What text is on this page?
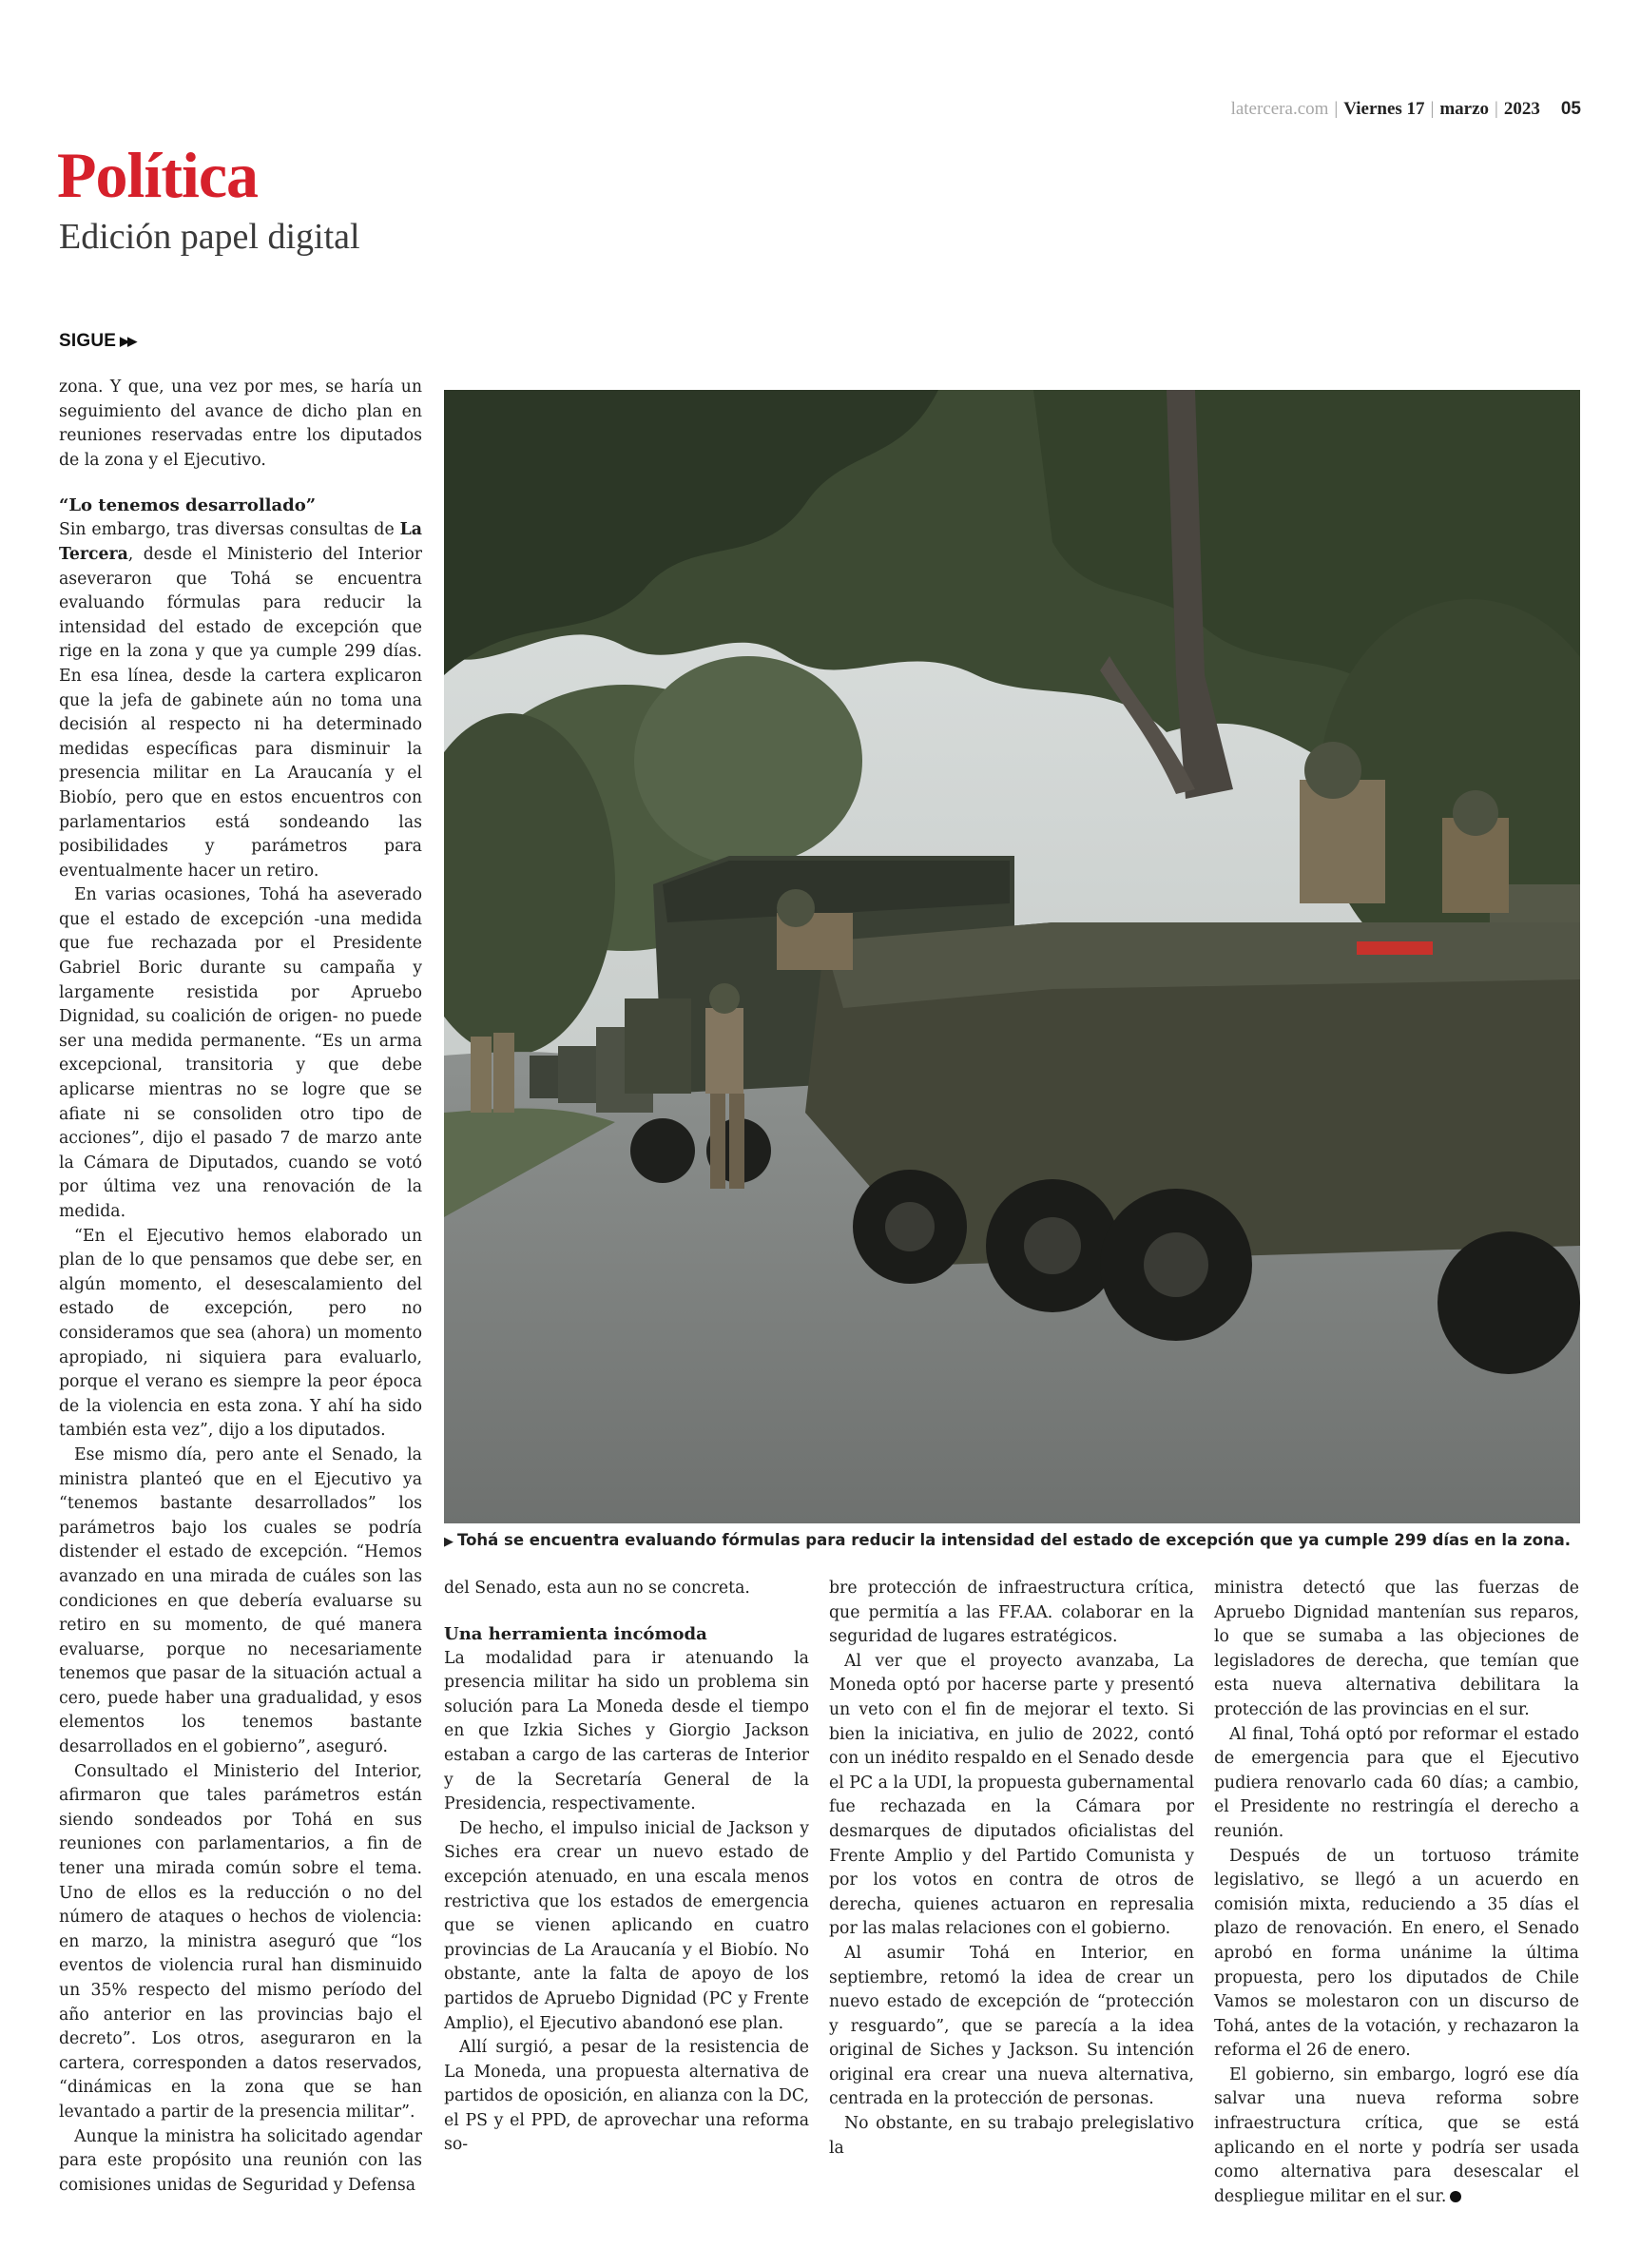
latercera.com | Viernes 17 | marzo | 2023 05
Política
Edición papel digital
SIGUE ▶▶

zona. Y que, una vez por mes, se haría un seguimiento del avance de dicho plan en reuniones reservadas entre los diputados de la zona y el Ejecutivo.

“Lo tenemos desarrollado”

Sin embargo, tras diversas consultas de La Tercera, desde el Ministerio del Interior aseveraron que Tohá se encuentra evaluando fórmulas para reducir la intensidad del estado de excepción que rige en la zona y que ya cumple 299 días. En esa línea, desde la cartera explicaron que la jefa de gabinete aún no toma una decisión al respecto ni ha determinado medidas específicas para disminuir la presencia militar en La Araucanía y el Biobío, pero que en estos encuentros con parlamentarios está sondeando las posibilidades y parámetros para eventualmente hacer un retiro.

En varias ocasiones, Tohá ha aseverado que el estado de excepción -una medida que fue rechazada por el Presidente Gabriel Boric durante su campaña y largamente resistida por Apruebo Dignidad, su coalición de origen- no puede ser una medida permanente. “Es un arma excepcional, transitoria y que debe aplicarse mientras no se logre que se afiate ni se consoliden otro tipo de acciones”, dijo el pasado 7 de marzo ante la Cámara de Diputados, cuando se votó por última vez una renovación de la medida.

“En el Ejecutivo hemos elaborado un plan de lo que pensamos que debe ser, en algún momento, el desescalamiento del estado de excepción, pero no consideramos que sea (ahora) un momento apropiado, ni siquiera para evaluarlo, porque el verano es siempre la peor época de la violencia en esta zona. Y ahí ha sido también esta vez”, dijo a los diputados.

Ese mismo día, pero ante el Senado, la ministra planteó que en el Ejecutivo ya “tenemos bastante desarrollados” los parámetros bajo los cuales se podría distender el estado de excepción. “Hemos avanzado en una mirada de cuáles son las condiciones en que debería evaluarse su retiro en su momento, de qué manera evaluarse, porque no necesariamente tenemos que pasar de la situación actual a cero, puede haber una gradualidad, y esos elementos los tenemos bastante desarrollados en el gobierno”, aseguró.

Consultado el Ministerio del Interior, afirmaron que tales parámetros están siendo sondeados por Tohá en sus reuniones con parlamentarios, a fin de tener una mirada común sobre el tema. Uno de ellos es la reducción o no del número de ataques o hechos de violencia: en marzo, la ministra aseguró que “los eventos de violencia rural han disminuido un 35% respecto del mismo período del año anterior en las provincias bajo el decreto”. Los otros, aseguraron en la cartera, corresponden a datos reservados, “dinámicas en la zona que se han levantado a partir de la presencia militar”.

Aunque la ministra ha solicitado agendar para este propósito una reunión con las comisiones unidas de Seguridad y Defensa

▶ Tohá se encuentra evaluando fórmulas para reducir la intensidad del estado de excepción que ya cumple 299 días en la zona.

del Senado, esta aun no se concreta.

Una herramienta incómoda

La modalidad para ir atenuando la presencia militar ha sido un problema sin solución para La Moneda desde el tiempo en que Izkia Siches y Giorgio Jackson estaban a cargo de las carteras de Interior y de la Secretaría General de la Presidencia, respectivamente.

De hecho, el impulso inicial de Jackson y Siches era crear un nuevo estado de excepción atenuado, en una escala menos restrictiva que los estados de emergencia que se vienen aplicando en cuatro provincias de La Araucanía y el Biobío. No obstante, ante la falta de apoyo de los partidos de Apruebo Dignidad (PC y Frente Amplio), el Ejecutivo abandonó ese plan.

Allí surgió, a pesar de la resistencia de La Moneda, una propuesta alternativa de partidos de oposición, en alianza con la DC, el PS y el PPD, de aprovechar una reforma so-

bre protección de infraestructura crítica, que permitía a las FF.AA. colaborar en la seguridad de lugares estratégicos.

Al ver que el proyecto avanzaba, La Moneda optó por hacerse parte y presentó un veto con el fin de mejorar el texto. Si bien la iniciativa, en julio de 2022, contó con un inédito respaldo en el Senado desde el PC a la UDI, la propuesta gubernamental fue rechazada en la Cámara por desmarques de diputados oficialistas del Frente Amplio y del Partido Comunista y por los votos en contra de otros de derecha, quienes actuaron en represalia por las malas relaciones con el gobierno.

Al asumir Tohá en Interior, en septiembre, retomó la idea de crear un nuevo estado de excepción de “protección y resguardo”, que se parecía a la idea original de Siches y Jackson. Su intención original era crear una nueva alternativa, centrada en la protección de personas.

No obstante, en su trabajo prelegislativo la

ministra detectó que las fuerzas de Apruebo Dignidad mantenían sus reparos, lo que se sumaba a las objeciones de legisladores de derecha, que temían que esta nueva alternativa debilitara la protección de las provincias en el sur.

Al final, Tohá optó por reformar el estado de emergencia para que el Ejecutivo pudiera renovarlo cada 60 días; a cambio, el Presidente no restringía el derecho a reunión.

Después de un tortuoso trámite legislativo, se llegó a un acuerdo en comisión mixta, reduciendo a 35 días el plazo de renovación. En enero, el Senado aprobó en forma unánime la última propuesta, pero los diputados de Chile Vamos se molestaron con un discurso de Tohá, antes de la votación, y rechazaron la reforma el 26 de enero.

El gobierno, sin embargo, logró ese día salvar una nueva reforma sobre infraestructura crítica, que se está aplicando en el norte y podría ser usada como alternativa para desescalar el despliegue militar en el sur.
